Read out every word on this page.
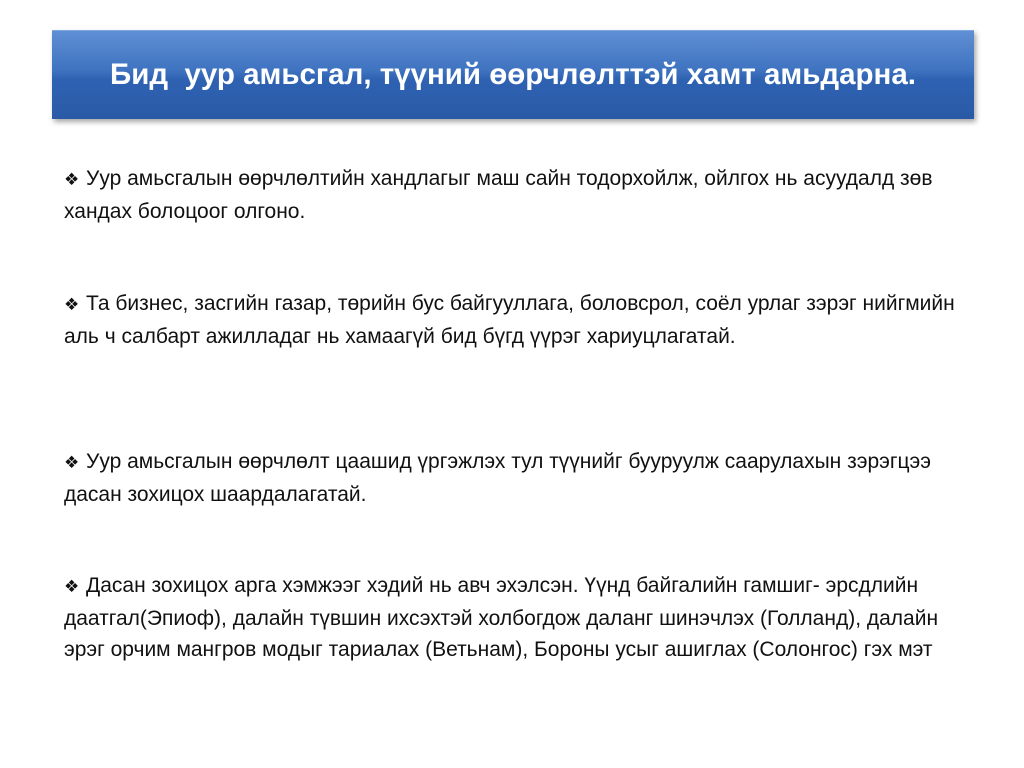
Бид  уур амьсгал, түүний өөрчлөлттэй хамт амьдарна.

❖ Уур амьсгалын өөрчлөлтийн хандлагыг маш сайн тодорхойлж, ойлгох нь асуудалд зөв хандах болоцоог олгоно.

❖ Та бизнес, засгийн газар, төрийн бус байгууллага, боловсрол, соёл урлаг зэрэг нийгмийн аль ч салбарт ажилладаг нь хамаагүй бид бүгд үүрэг хариуцлагатай.

❖ Уур амьсгалын өөрчлөлт цаашид үргэжлэх тул түүнийг бууруулж саарулахын зэрэгцээ дасан зохицох шаардалагатай.

❖ Дасан зохицох арга хэмжээг хэдий нь авч эхэлсэн. Үүнд байгалийн гамшиг- эрсдлийн даатгал(Эпиоф), далайн түвшин ихсэхтэй холбогдож даланг шинэчлэх (Голланд), далайн эрэг орчим мангров модыг тариалах (Ветьнам), Бороны усыг ашиглах (Солонгос) гэх мэт
